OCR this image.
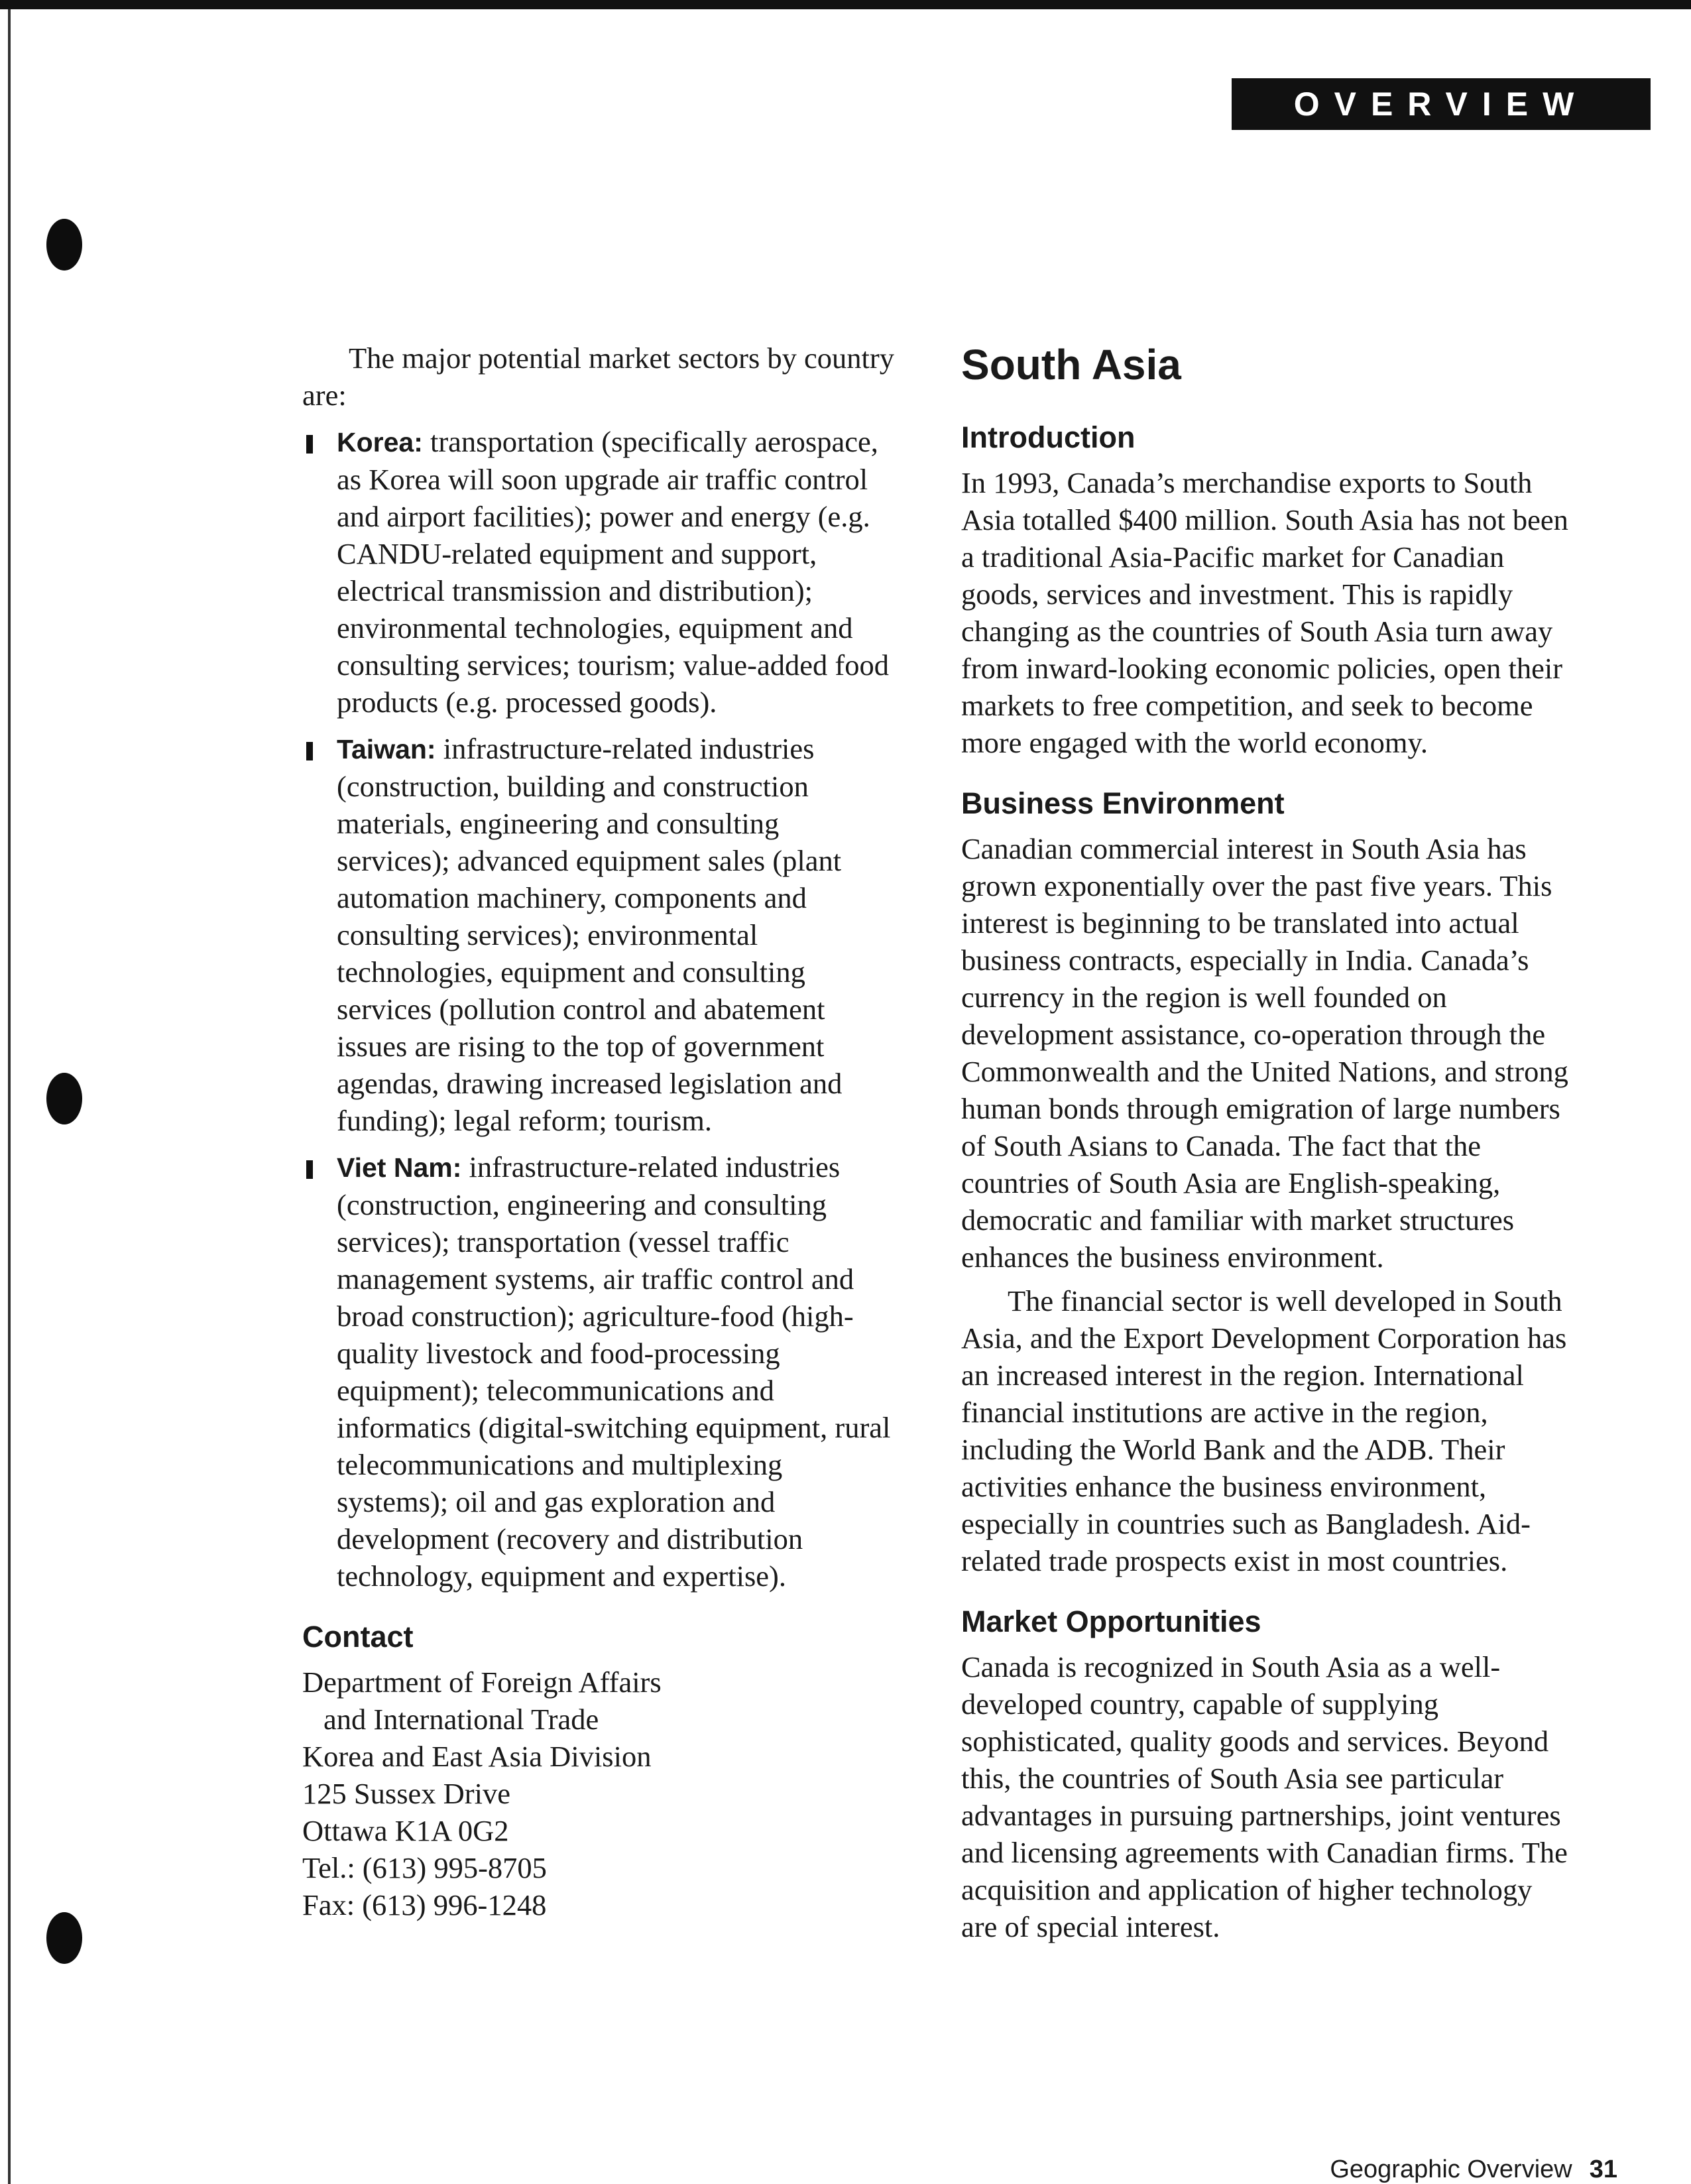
OVERVIEW

The major potential market sectors by country are:

Korea: transportation (specifically aerospace, as Korea will soon upgrade air traffic control and airport facilities); power and energy (e.g. CANDU-related equipment and support, electrical transmission and distribution); environmental technologies, equipment and consulting services; tourism; value-added food products (e.g. processed goods).
Taiwan: infrastructure-related industries (construction, building and construction materials, engineering and consulting services); advanced equipment sales (plant automation machinery, components and consulting services); environmental technologies, equipment and consulting services (pollution control and abatement issues are rising to the top of government agendas, drawing increased legislation and funding); legal reform; tourism.
Viet Nam: infrastructure-related industries (construction, engineering and consulting services); transportation (vessel traffic management systems, air traffic control and broad construction); agriculture-food (high-quality livestock and food-processing equipment); telecommunications and informatics (digital-switching equipment, rural telecommunications and multiplexing systems); oil and gas exploration and development (recovery and distribution technology, equipment and expertise).
Contact
Department of Foreign Affairs
and International Trade
Korea and East Asia Division
125 Sussex Drive
Ottawa K1A 0G2
Tel.: (613) 995-8705
Fax: (613) 996-1248
South Asia
Introduction

In 1993, Canada’s merchandise exports to South Asia totalled $400 million. South Asia has not been a traditional Asia-Pacific market for Canadian goods, services and investment. This is rapidly changing as the countries of South Asia turn away from inward-looking economic policies, open their markets to free competition, and seek to become more engaged with the world economy.

Business Environment

Canadian commercial interest in South Asia has grown exponentially over the past five years. This interest is beginning to be translated into actual business contracts, especially in India. Canada’s currency in the region is well founded on development assistance, co-operation through the Commonwealth and the United Nations, and strong human bonds through emigration of large numbers of South Asians to Canada. The fact that the countries of South Asia are English-speaking, democratic and familiar with market structures enhances the business environment.

The financial sector is well developed in South Asia, and the Export Development Corporation has an increased interest in the region. International financial institutions are active in the region, including the World Bank and the ADB. Their activities enhance the business environment, especially in countries such as Bangladesh. Aid-related trade prospects exist in most countries.

Market Opportunities

Canada is recognized in South Asia as a well-developed country, capable of supplying sophisticated, quality goods and services. Beyond this, the countries of South Asia see particular advantages in pursuing partnerships, joint ventures and licensing agreements with Canadian firms. The acquisition and application of higher technology are of special interest.

Geographic Overview 31
